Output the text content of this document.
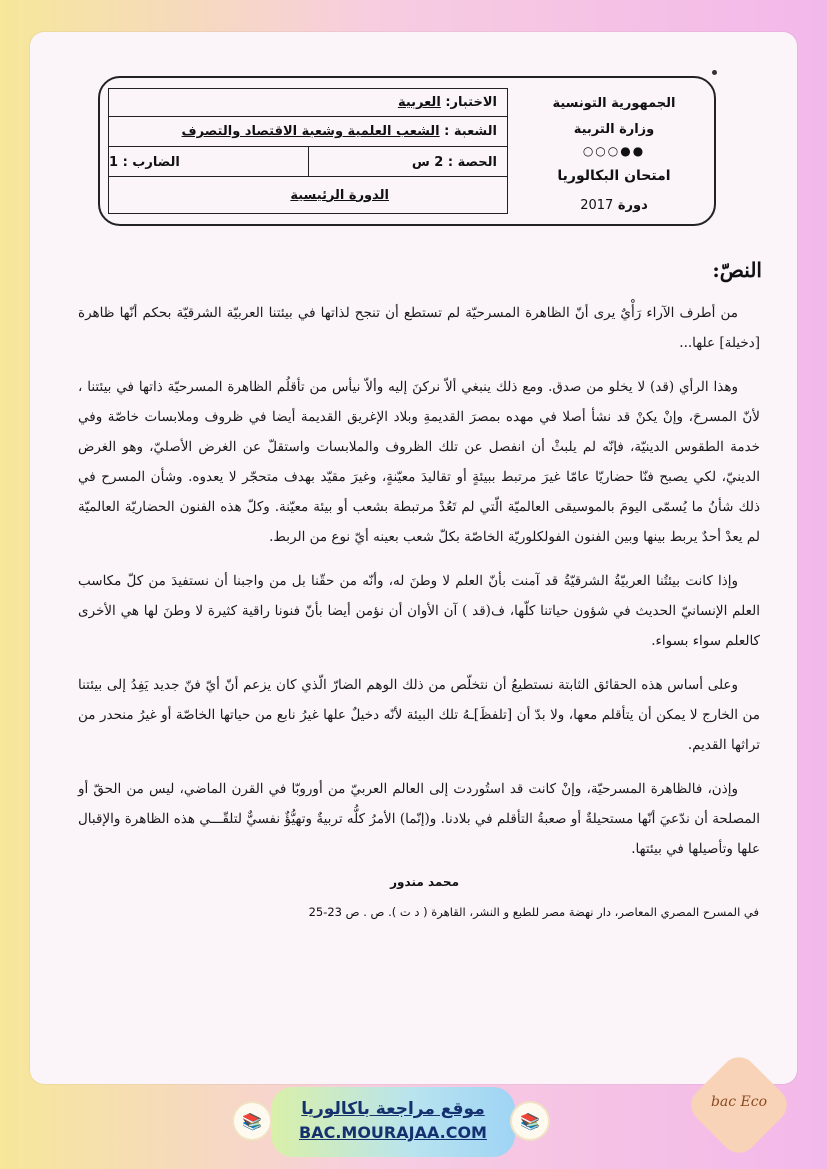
الجمهورية التونسية
وزارة التربية
●●○○○
امتحان البكالوريا
دورة 2017
الاختبار:

العربية
الشعبة :

الشعب العلمية وشعبة الاقتصاد والتصرف
الحصة : 2 س
الضارب : 1
الدورة الرئيسية
النصّ:

من أطرف الآراء رَأْيٌ يرى أنّ الظاهرة المسرحيّة لم تستطع أن تنجح لذاتها في بيئتنا العربيّة الشرقيّة بحكم أنّها ظاهرة [دخيلة] علها...

وهذا الرأي (قد) لا يخلو من صدق. ومع ذلك ينبغي ألاّ نركنَ إليه وألاّ نيأس من تأقلُم الظاهرة المسرحيّة ذاتها في بيئتنا ، لأنّ المسرحَ، وإنْ يكنْ قد نشأ أصلا في مهده بمصرَ القديمةِ وبلاد الإغريق القديمة أيضا في ظروف وملابسات خاصّة وفي خدمة الطقوس الدينيّة، فإنّه لم يلبثْ أن انفصل عن تلك الظروف والملابسات واستقلّ عن الغرض الأصليّ، وهو الغرض الدينيّ، لكي يصبح فنّا حضاريّا عامّا غيرَ مرتبط ببيئةٍ أو تقاليدَ معيّنةٍ، وغيرَ مقيّد بهدف متحجّر لا يعدوه. وشأن المسرح في ذلك شأنُ ما يُسمّى اليومَ بالموسيقى العالميّة الّتي لم تَعُدْ مرتبطة بشعب أو بيئة معيّنة. وكلّ هذه الفنون الحضاريّة العالميّة لم يعدْ أحدٌ يربط بينها وبين الفنون الفولكلوريّة الخاصّة بكلّ شعب بعينه أيّ نوع من الربط.

وإذا كانت بيئتُنا العربيّةُ الشرقيّةُ قد آمنت بأنّ العلم لا وطنَ له، وأنّه من حقّنا بل من واجبنا أن نستفيدَ من كلّ مكاسب العلم الإنسانيّ الحديث في شؤون حياتنا كلّها، ف(قد ) آن الأوان أن نؤمن أيضا بأنّ فنونا راقية كثيرة لا وطنَ لها هي الأخرى كالعلم سواء بسواء.

وعلى أساس هذه الحقائق الثابتة نستطيعُ أن نتخلّص من ذلك الوهم الضارّ الّذي كان يزعم أنّ أيّ فنّ جديد يَفِدُ إلى بيئتنا من الخارج لا يمكن أن يتأقلم معها، ولا بدّ أن [تلفظَ]ـهُ تلك البيئة لأنّه دخيلٌ علها غيرُ نابع من حياتها الخاصّة أو غيرُ منحدر من تراثها القديم.

وإذن، فالظاهرة المسرحيّة، وإنْ كانت قد استُوردت إلى العالم العربيّ من أوروبّا في القرن الماضي، ليس من الحقّ أو المصلحة أن ندّعيَ أنّها مستحيلةٌ أو صعبةُ التأقلم في بلادنا. و(إنّما) الأمرُ كلُّه تربيةٌ وتهيُّؤٌ نفسيٌّ لتلقّـــي هذه الظاهرة والإقبال علها وتأصيلها في بيئتها.

محمد مندور
في المسرح المصري المعاصر، دار نهضة مصر للطبع و النشر، القاهرة ( د ت ). ص . ص 23-25
📚
موقع مراجعة باكالوريا
BAC.MOURAJAA.COM
📚
bac Eco
